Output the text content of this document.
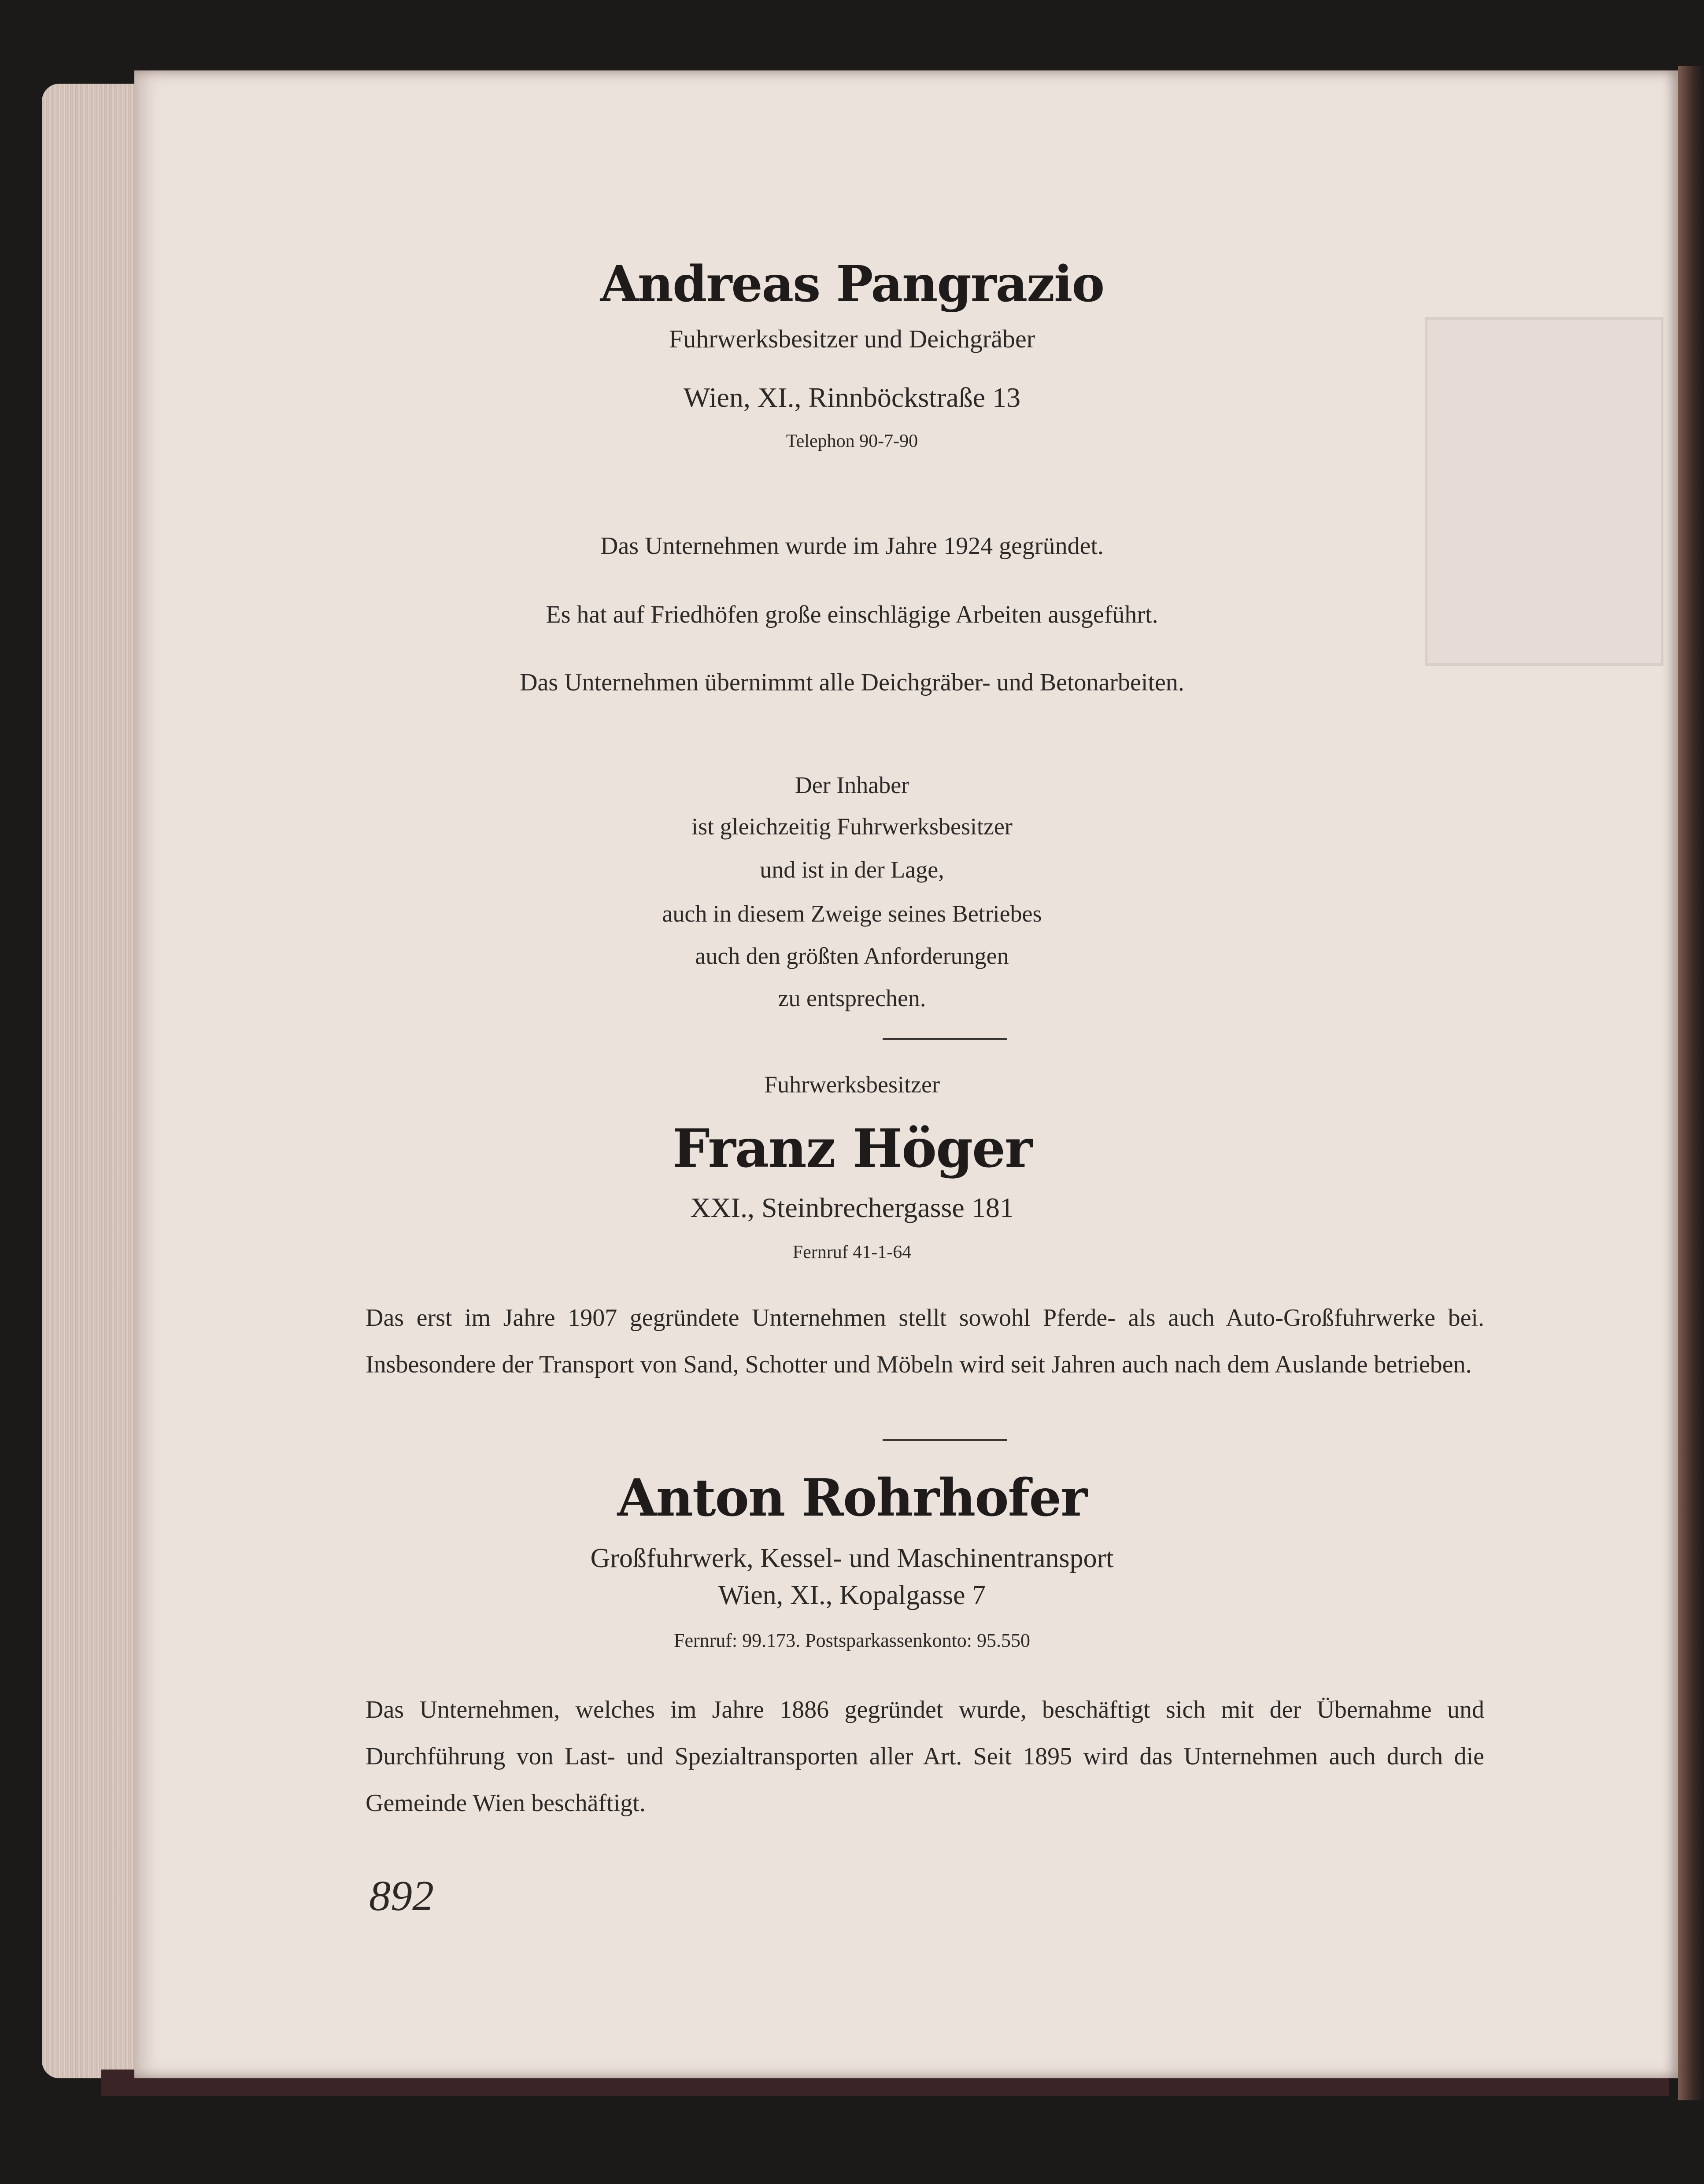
Andreas Pangrazio
Fuhrwerksbesitzer und Deichgräber
Wien, XI., Rinnböckstraße 13
Telephon 90-7-90
Das Unternehmen wurde im Jahre 1924 gegründet.
Es hat auf Friedhöfen große einschlägige Arbeiten ausgeführt.
Das Unternehmen übernimmt alle Deichgräber- und Betonarbeiten.
Der Inhaber
ist gleichzeitig Fuhrwerksbesitzer
und ist in der Lage,
auch in diesem Zweige seines Betriebes
auch den größten Anforderungen
zu entsprechen.
Fuhrwerksbesitzer
Franz Höger
XXI., Steinbrechergasse 181
Fernruf 41-1-64
Das erst im Jahre 1907 gegründete Unternehmen stellt sowohl Pferde- als auch Auto-Großfuhrwerke bei. Insbesondere der Transport von Sand, Schotter und Möbeln wird seit Jahren auch nach dem Auslande betrieben.
Anton Rohrhofer
Großfuhrwerk, Kessel- und Maschinentransport
Wien, XI., Kopalgasse 7
Fernruf: 99.173. Postsparkassenkonto: 95.550
Das Unternehmen, welches im Jahre 1886 gegründet wurde, beschäftigt sich mit der Übernahme und Durchführung von Last- und Spezialtransporten aller Art. Seit 1895 wird das Unternehmen auch durch die Gemeinde Wien beschäftigt.
892
